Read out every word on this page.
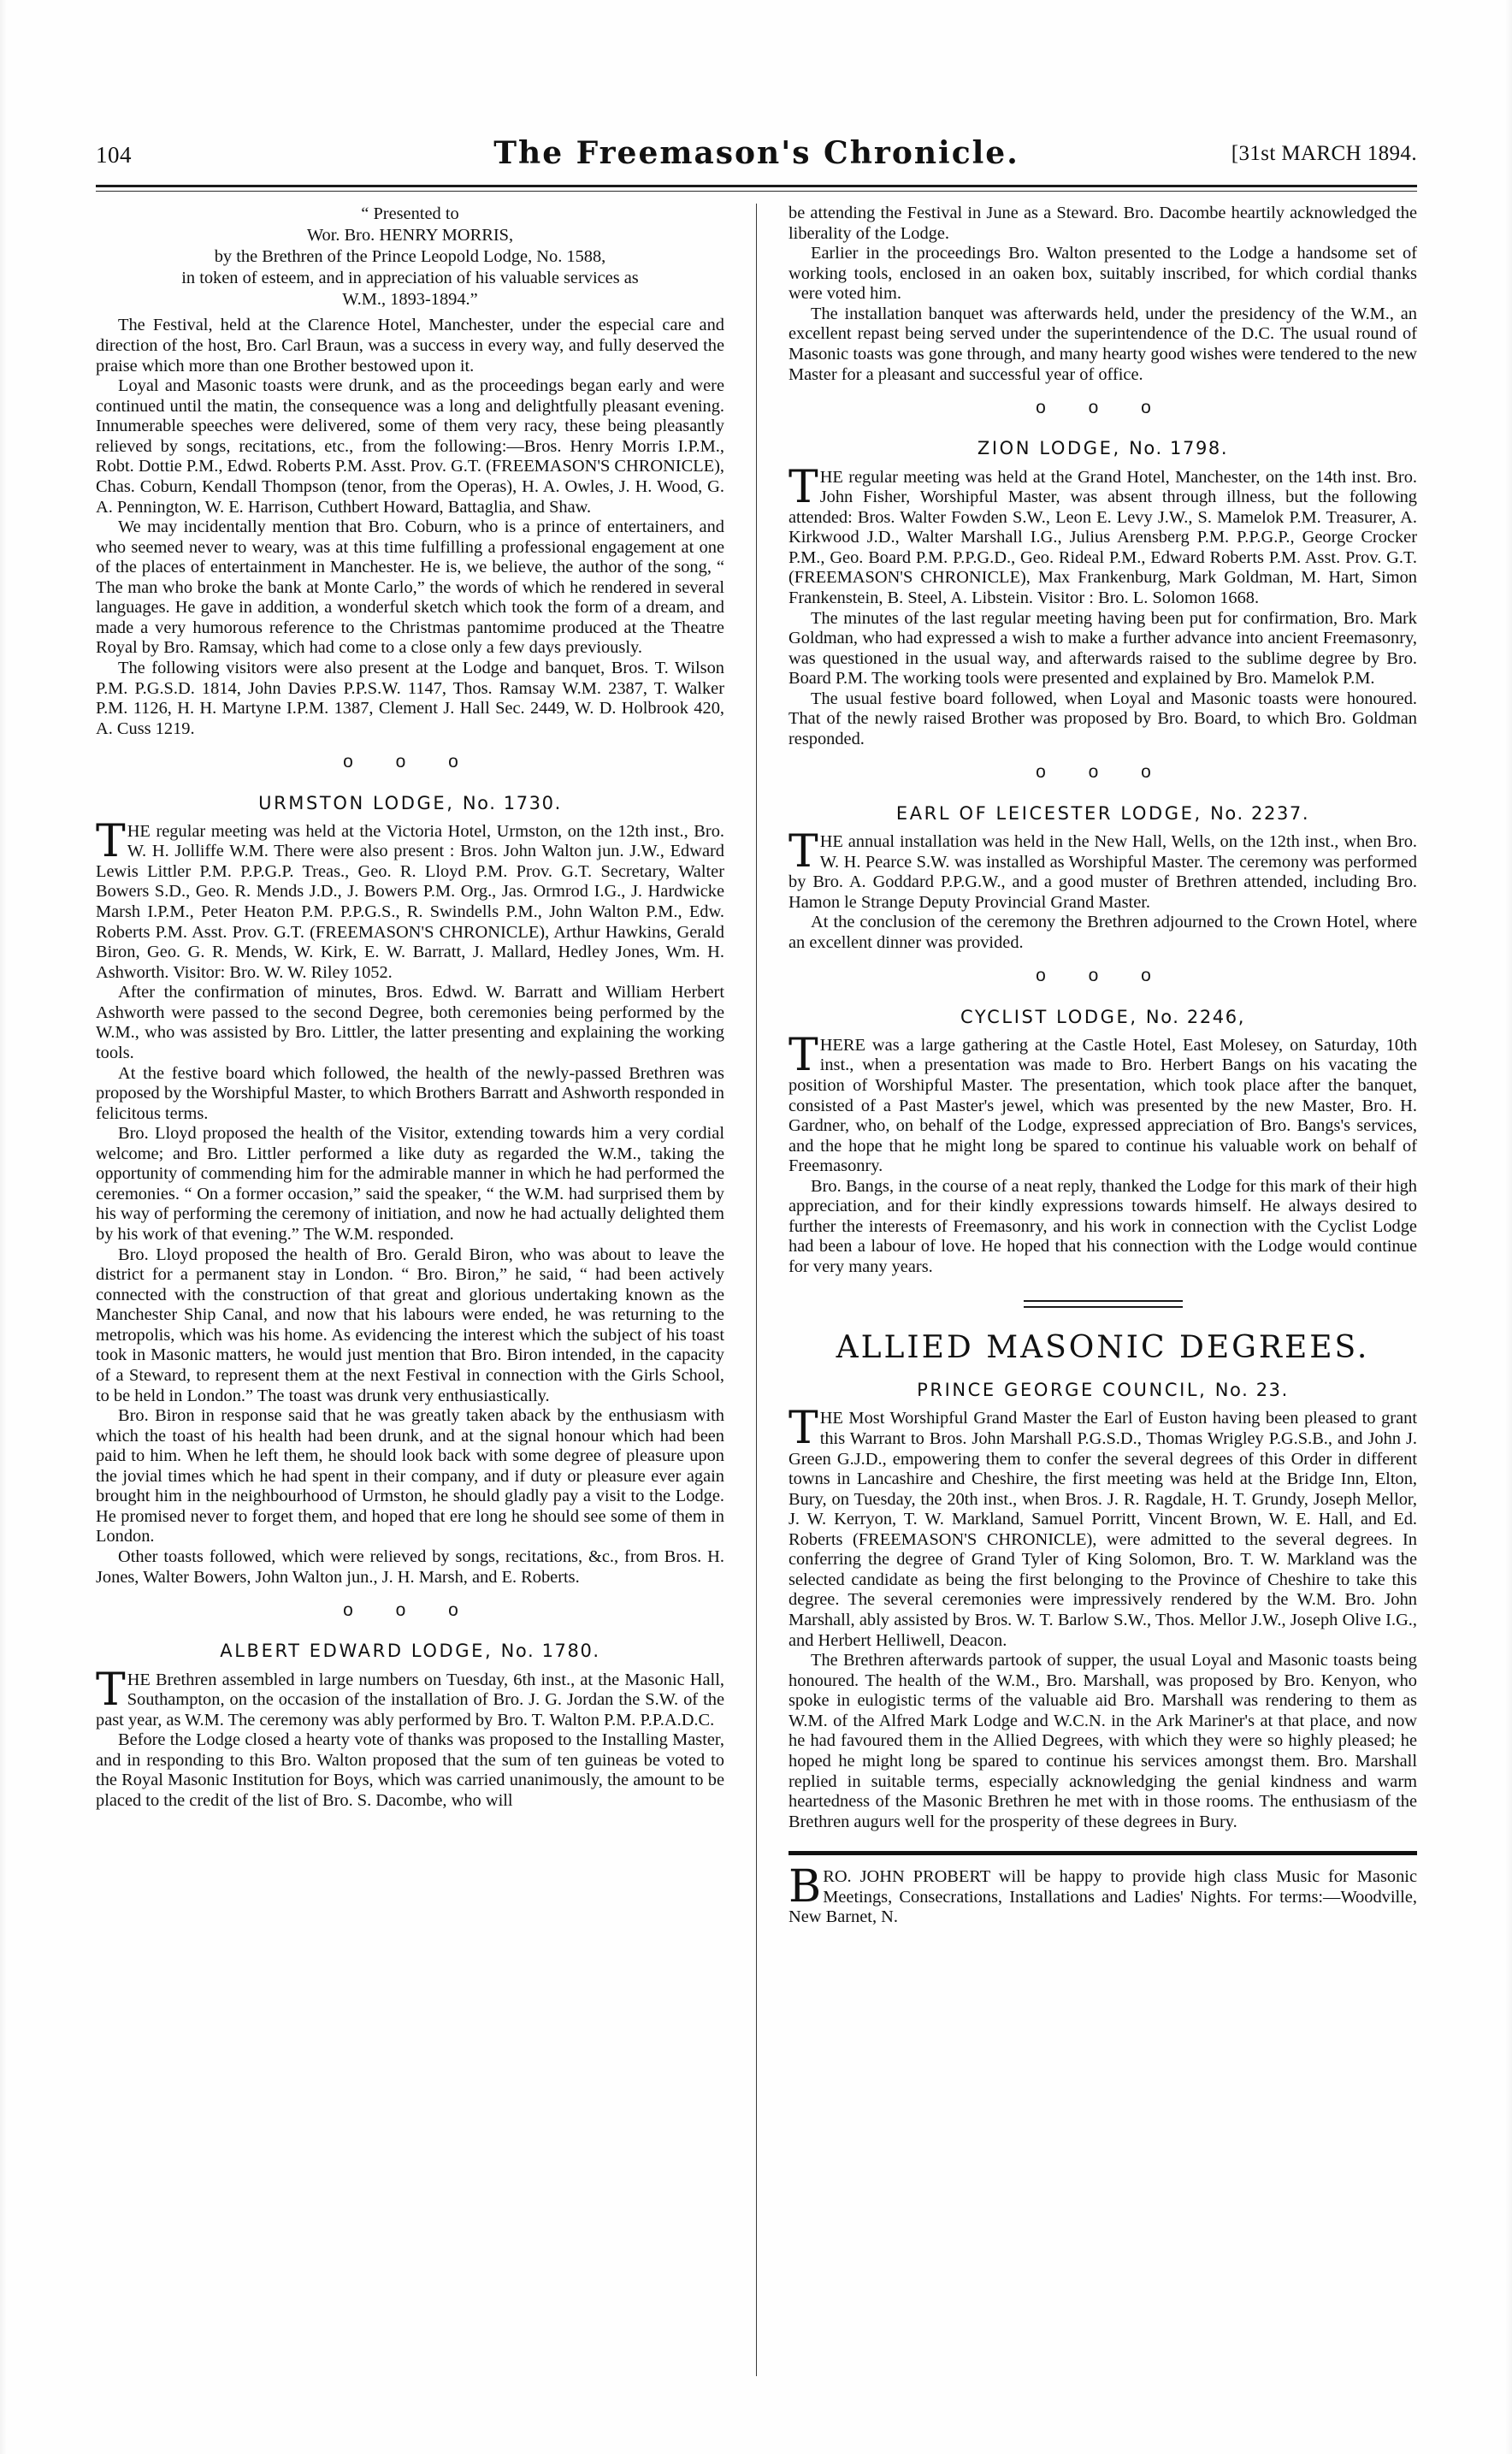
104	The Freemason's Chronicle.	[31st MARCH 1894.
“ Presented to
Wor. Bro. HENRY MORRIS,
by the Brethren of the Prince Leopold Lodge, No. 1588,
in token of esteem, and in appreciation of his valuable services as
W.M., 1893-1894.”

The Festival, held at the Clarence Hotel, Manchester, under the especial care and direction of the host, Bro. Carl Braun, was a success in every way, and fully deserved the praise which more than one Brother bestowed upon it.

Loyal and Masonic toasts were drunk, and as the proceedings began early and were continued until the matin, the consequence was a long and delightfully pleasant evening. Innumerable speeches were delivered, some of them very racy, these being pleasantly relieved by songs, recitations, etc., from the following:—Bros. Henry Morris I.P.M., Robt. Dottie P.M., Edwd. Roberts P.M. Asst. Prov. G.T. (FREEMASON'S CHRONICLE), Chas. Coburn, Kendall Thompson (tenor, from the Operas), H. A. Owles, J. H. Wood, G. A. Pennington, W. E. Harrison, Cuthbert Howard, Battaglia, and Shaw.

We may incidentally mention that Bro. Coburn, who is a prince of entertainers, and who seemed never to weary, was at this time fulfilling a professional engagement at one of the places of entertainment in Manchester. He is, we believe, the author of the song, “ The man who broke the bank at Monte Carlo,” the words of which he rendered in several languages. He gave in addition, a wonderful sketch which took the form of a dream, and made a very humorous reference to the Christmas pantomime produced at the Theatre Royal by Bro. Ramsay, which had come to a close only a few days previously.

The following visitors were also present at the Lodge and banquet, Bros. T. Wilson P.M. P.G.S.D. 1814, John Davies P.P.S.W. 1147, Thos. Ramsay W.M. 2387, T. Walker P.M. 1126, H. H. Martyne I.P.M. 1387, Clement J. Hall Sec. 2449, W. D. Holbrook 420, A. Cuss 1219.

o o o
URMSTON LODGE, No. 1730.

THE regular meeting was held at the Victoria Hotel, Urmston, on the 12th inst., Bro. W. H. Jolliffe W.M. There were also present : Bros. John Walton jun. J.W., Edward Lewis Littler P.M. P.P.G.P. Treas., Geo. R. Lloyd P.M. Prov. G.T. Secretary, Walter Bowers S.D., Geo. R. Mends J.D., J. Bowers P.M. Org., Jas. Ormrod I.G., J. Hardwicke Marsh I.P.M., Peter Heaton P.M. P.P.G.S., R. Swindells P.M., John Walton P.M., Edw. Roberts P.M. Asst. Prov. G.T. (FREEMASON'S CHRONICLE), Arthur Hawkins, Gerald Biron, Geo. G. R. Mends, W. Kirk, E. W. Barratt, J. Mallard, Hedley Jones, Wm. H. Ashworth. Visitor: Bro. W. W. Riley 1052.

After the confirmation of minutes, Bros. Edwd. W. Barratt and William Herbert Ashworth were passed to the second Degree, both ceremonies being performed by the W.M., who was assisted by Bro. Littler, the latter presenting and explaining the working tools.

At the festive board which followed, the health of the newly-passed Brethren was proposed by the Worshipful Master, to which Brothers Barratt and Ashworth responded in felicitous terms.

Bro. Lloyd proposed the health of the Visitor, extending towards him a very cordial welcome; and Bro. Littler performed a like duty as regarded the W.M., taking the opportunity of commending him for the admirable manner in which he had performed the ceremonies. “ On a former occasion,” said the speaker, “ the W.M. had surprised them by his way of performing the ceremony of initiation, and now he had actually delighted them by his work of that evening.” The W.M. responded.

Bro. Lloyd proposed the health of Bro. Gerald Biron, who was about to leave the district for a permanent stay in London. “ Bro. Biron,” he said, “ had been actively connected with the construction of that great and glorious undertaking known as the Manchester Ship Canal, and now that his labours were ended, he was returning to the metropolis, which was his home. As evidencing the interest which the subject of his toast took in Masonic matters, he would just mention that Bro. Biron intended, in the capacity of a Steward, to represent them at the next Festival in connection with the Girls School, to be held in London.” The toast was drunk very enthusiastically.

Bro. Biron in response said that he was greatly taken aback by the enthusiasm with which the toast of his health had been drunk, and at the signal honour which had been paid to him. When he left them, he should look back with some degree of pleasure upon the jovial times which he had spent in their company, and if duty or pleasure ever again brought him in the neighbourhood of Urmston, he should gladly pay a visit to the Lodge. He promised never to forget them, and hoped that ere long he should see some of them in London.

Other toasts followed, which were relieved by songs, recitations, &c., from Bros. H. Jones, Walter Bowers, John Walton jun., J. H. Marsh, and E. Roberts.

o o o
ALBERT EDWARD LODGE, No. 1780.

THE Brethren assembled in large numbers on Tuesday, 6th inst., at the Masonic Hall, Southampton, on the occasion of the installation of Bro. J. G. Jordan the S.W. of the past year, as W.M. The ceremony was ably performed by Bro. T. Walton P.M. P.P.A.D.C.

Before the Lodge closed a hearty vote of thanks was proposed to the Installing Master, and in responding to this Bro. Walton proposed that the sum of ten guineas be voted to the Royal Masonic Institution for Boys, which was carried unanimously, the amount to be placed to the credit of the list of Bro. S. Dacombe, who will

be attending the Festival in June as a Steward. Bro. Dacombe heartily acknowledged the liberality of the Lodge.

Earlier in the proceedings Bro. Walton presented to the Lodge a handsome set of working tools, enclosed in an oaken box, suitably inscribed, for which cordial thanks were voted him.

The installation banquet was afterwards held, under the presidency of the W.M., an excellent repast being served under the superintendence of the D.C. The usual round of Masonic toasts was gone through, and many hearty good wishes were tendered to the new Master for a pleasant and successful year of office.

o o o
ZION LODGE, No. 1798.

THE regular meeting was held at the Grand Hotel, Manchester, on the 14th inst. Bro. John Fisher, Worshipful Master, was absent through illness, but the following attended: Bros. Walter Fowden S.W., Leon E. Levy J.W., S. Mamelok P.M. Treasurer, A. Kirkwood J.D., Walter Marshall I.G., Julius Arensberg P.M. P.P.G.P., George Crocker P.M., Geo. Board P.M. P.P.G.D., Geo. Rideal P.M., Edward Roberts P.M. Asst. Prov. G.T. (FREEMASON'S CHRONICLE), Max Frankenburg, Mark Goldman, M. Hart, Simon Frankenstein, B. Steel, A. Libstein. Visitor : Bro. L. Solomon 1668.

The minutes of the last regular meeting having been put for confirmation, Bro. Mark Goldman, who had expressed a wish to make a further advance into ancient Freemasonry, was questioned in the usual way, and afterwards raised to the sublime degree by Bro. Board P.M. The working tools were presented and explained by Bro. Mamelok P.M.

The usual festive board followed, when Loyal and Masonic toasts were honoured. That of the newly raised Brother was proposed by Bro. Board, to which Bro. Goldman responded.

o o o
EARL OF LEICESTER LODGE, No. 2237.

THE annual installation was held in the New Hall, Wells, on the 12th inst., when Bro. W. H. Pearce S.W. was installed as Worshipful Master. The ceremony was performed by Bro. A. Goddard P.P.G.W., and a good muster of Brethren attended, including Bro. Hamon le Strange Deputy Provincial Grand Master.

At the conclusion of the ceremony the Brethren adjourned to the Crown Hotel, where an excellent dinner was provided.

o o o
CYCLIST LODGE, No. 2246,

THERE was a large gathering at the Castle Hotel, East Molesey, on Saturday, 10th inst., when a presentation was made to Bro. Herbert Bangs on his vacating the position of Worshipful Master. The presentation, which took place after the banquet, consisted of a Past Master's jewel, which was presented by the new Master, Bro. H. Gardner, who, on behalf of the Lodge, expressed appreciation of Bro. Bangs's services, and the hope that he might long be spared to continue his valuable work on behalf of Freemasonry.

Bro. Bangs, in the course of a neat reply, thanked the Lodge for this mark of their high appreciation, and for their kindly expressions towards himself. He always desired to further the interests of Freemasonry, and his work in connection with the Cyclist Lodge had been a labour of love. He hoped that his connection with the Lodge would continue for very many years.

ALLIED MASONIC DEGREES.
PRINCE GEORGE COUNCIL, No. 23.

THE Most Worshipful Grand Master the Earl of Euston having been pleased to grant this Warrant to Bros. John Marshall P.G.S.D., Thomas Wrigley P.G.S.B., and John J. Green G.J.D., empowering them to confer the several degrees of this Order in different towns in Lancashire and Cheshire, the first meeting was held at the Bridge Inn, Elton, Bury, on Tuesday, the 20th inst., when Bros. J. R. Ragdale, H. T. Grundy, Joseph Mellor, J. W. Kerryon, T. W. Markland, Samuel Porritt, Vincent Brown, W. E. Hall, and Ed. Roberts (FREEMASON'S CHRONICLE), were admitted to the several degrees. In conferring the degree of Grand Tyler of King Solomon, Bro. T. W. Markland was the selected candidate as being the first belonging to the Province of Cheshire to take this degree. The several ceremonies were impressively rendered by the W.M. Bro. John Marshall, ably assisted by Bros. W. T. Barlow S.W., Thos. Mellor J.W., Joseph Olive I.G., and Herbert Helliwell, Deacon.

The Brethren afterwards partook of supper, the usual Loyal and Masonic toasts being honoured. The health of the W.M., Bro. Marshall, was proposed by Bro. Kenyon, who spoke in eulogistic terms of the valuable aid Bro. Marshall was rendering to them as W.M. of the Alfred Mark Lodge and W.C.N. in the Ark Mariner's at that place, and now he had favoured them in the Allied Degrees, with which they were so highly pleased; he hoped he might long be spared to continue his services amongst them. Bro. Marshall replied in suitable terms, especially acknowledging the genial kindness and warm heartedness of the Masonic Brethren he met with in those rooms. The enthusiasm of the Brethren augurs well for the prosperity of these degrees in Bury.

BRO. JOHN PROBERT will be happy to provide high class Music for Masonic Meetings, Consecrations, Installations and Ladies' Nights. For terms:—Woodville, New Barnet, N.
